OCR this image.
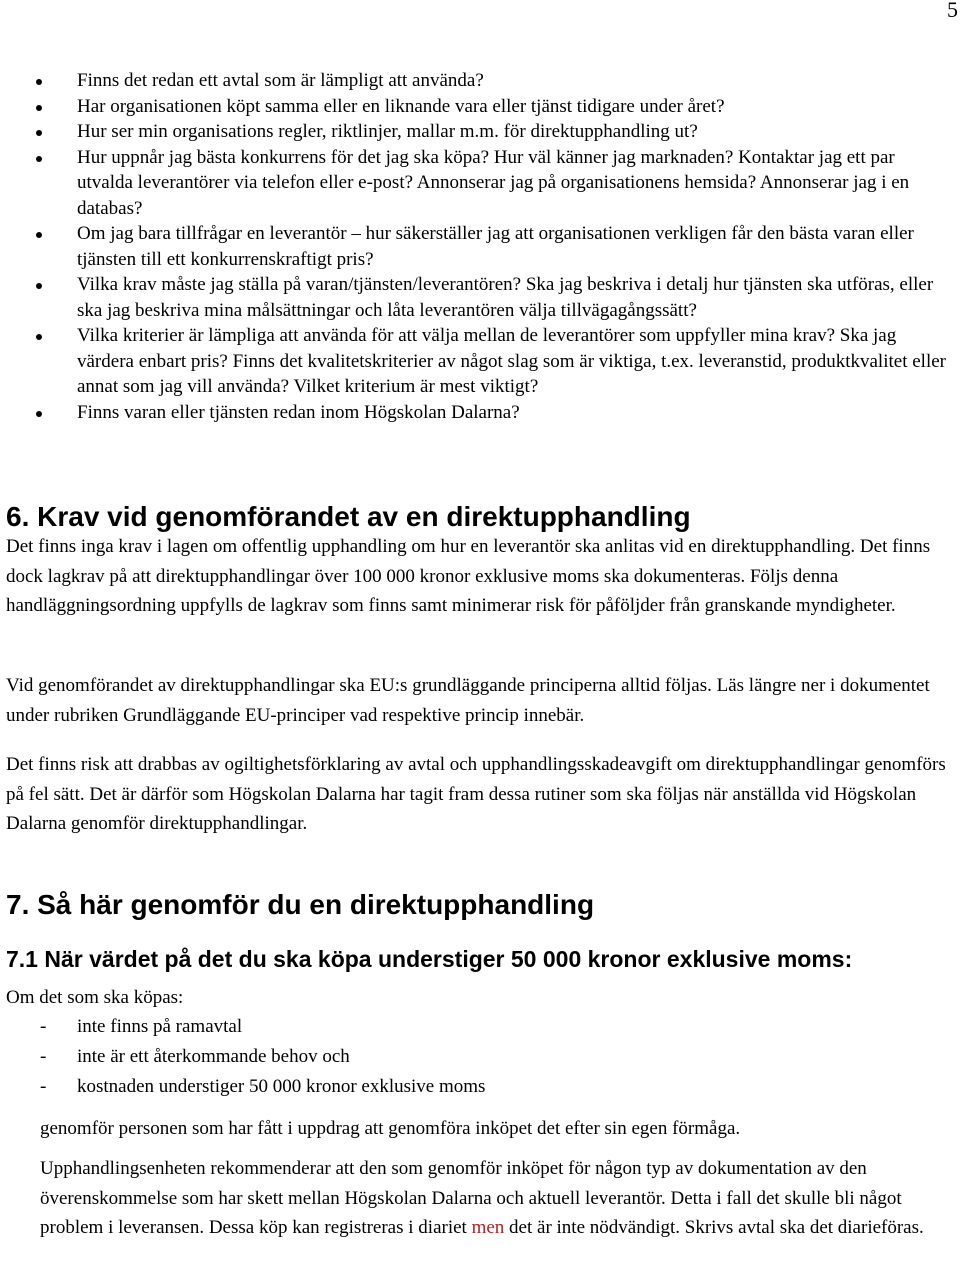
5
Finns det redan ett avtal som är lämpligt att använda?
Har organisationen köpt samma eller en liknande vara eller tjänst tidigare under året?
Hur ser min organisations regler, riktlinjer, mallar m.m. för direktupphandling ut?
Hur uppnår jag bästa konkurrens för det jag ska köpa? Hur väl känner jag marknaden? Kontaktar jag ett par utvalda leverantörer via telefon eller e-post? Annonserar jag på organisationens hemsida? Annonserar jag i en databas?
Om jag bara tillfrågar en leverantör – hur säkerställer jag att organisationen verkligen får den bästa varan eller tjänsten till ett konkurrenskraftigt pris?
Vilka krav måste jag ställa på varan/tjänsten/leverantören? Ska jag beskriva i detalj hur tjänsten ska utföras, eller ska jag beskriva mina målsättningar och låta leverantören välja tillvägagångssätt?
Vilka kriterier är lämpliga att använda för att välja mellan de leverantörer som uppfyller mina krav? Ska jag värdera enbart pris? Finns det kvalitetskriterier av något slag som är viktiga, t.ex. leveranstid, produktkvalitet eller annat som jag vill använda? Vilket kriterium är mest viktigt?
Finns varan eller tjänsten redan inom Högskolan Dalarna?
6. Krav vid genomförandet av en direktupphandling

Det finns inga krav i lagen om offentlig upphandling om hur en leverantör ska anlitas vid en direktupphandling. Det finns dock lagkrav på att direktupphandlingar över 100 000 kronor exklusive moms ska dokumenteras. Följs denna handläggningsordning uppfylls de lagkrav som finns samt minimerar risk för påföljder från granskande myndigheter.

Vid genomförandet av direktupphandlingar ska EU:s grundläggande principerna alltid följas. Läs längre ner i dokumentet under rubriken Grundläggande EU-principer vad respektive princip innebär.

Det finns risk att drabbas av ogiltighetsförklaring av avtal och upphandlingsskadeavgift om direktupphandlingar genomförs på fel sätt. Det är därför som Högskolan Dalarna har tagit fram dessa rutiner som ska följas när anställda vid Högskolan Dalarna genomför direktupphandlingar.

7. Så här genomför du en direktupphandling
7.1 När värdet på det du ska köpa understiger 50 000 kronor exklusive moms:

Om det som ska köpas:

- inte finns på ramavtal
- inte är ett återkommande behov och
- kostnaden understiger 50 000 kronor exklusive moms

genomför personen som har fått i uppdrag att genomföra inköpet det efter sin egen förmåga.

Upphandlingsenheten rekommenderar att den som genomför inköpet för någon typ av dokumentation av den överenskommelse som har skett mellan Högskolan Dalarna och aktuell leverantör. Detta i fall det skulle bli något problem i leveransen. Dessa köp kan registreras i diariet men det är inte nödvändigt. Skrivs avtal ska det diarieföras.
